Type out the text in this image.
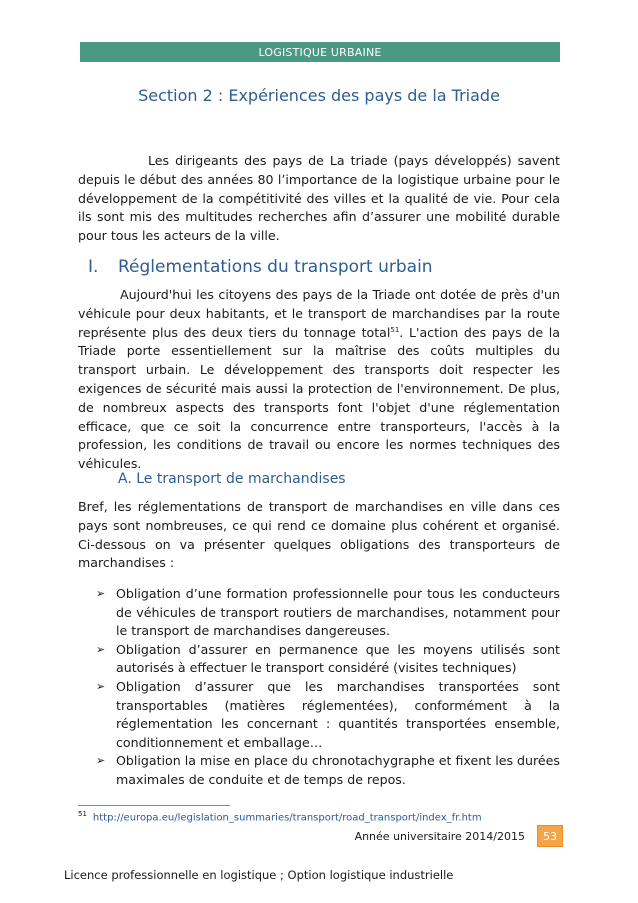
LOGISTIQUE URBAINE
Section 2 : Expériences des pays de la Triade

Les dirigeants des pays de La triade (pays développés) savent depuis le début des années 80 l’importance de la logistique urbaine pour le développement de la compétitivité des villes et la qualité de vie. Pour cela ils sont mis des multitudes recherches afin d’assurer une mobilité durable pour tous les acteurs de la ville.

I. Réglementations du transport urbain

Aujourd'hui les citoyens des pays de la Triade ont dotée de près d'un véhicule pour deux habitants, et le transport de marchandises par la route représente plus des deux tiers du tonnage total$^{51}$. L'action des pays de la Triade porte essentiellement sur la maîtrise des coûts multiples du transport urbain. Le développement des transports doit respecter les exigences de sécurité mais aussi la protection de l'environnement. De plus, de nombreux aspects des transports font l'objet d'une réglementation efficace, que ce soit la concurrence entre transporteurs, l'accès à la profession, les conditions de travail ou encore les normes techniques des véhicules.

A. Le transport de marchandises

Bref, les réglementations de transport de marchandises en ville dans ces pays sont nombreuses, ce qui rend ce domaine plus cohérent et organisé. Ci-dessous on va présenter quelques obligations des transporteurs de marchandises :

➢ Obligation d’une formation professionnelle pour tous les conducteurs de véhicules de transport routiers de marchandises, notamment pour le transport de marchandises dangereuses.
➢ Obligation d’assurer en permanence que les moyens utilisés sont autorisés à effectuer le transport considéré (visites techniques)
➢ Obligation d’assurer que les marchandises transportées sont transportables (matières réglementées), conformément à la réglementation les concernant : quantités transportées ensemble, conditionnement et emballage…
➢ Obligation la mise en place du chronotachygraphe et fixent les durées maximales de conduite et de temps de repos.
$^{51}$ http://europa.eu/legislation_summaries/transport/road_transport/index_fr.htm
Année universitaire 2014/2015 53
Licence professionnelle en logistique ; Option logistique industrielle
